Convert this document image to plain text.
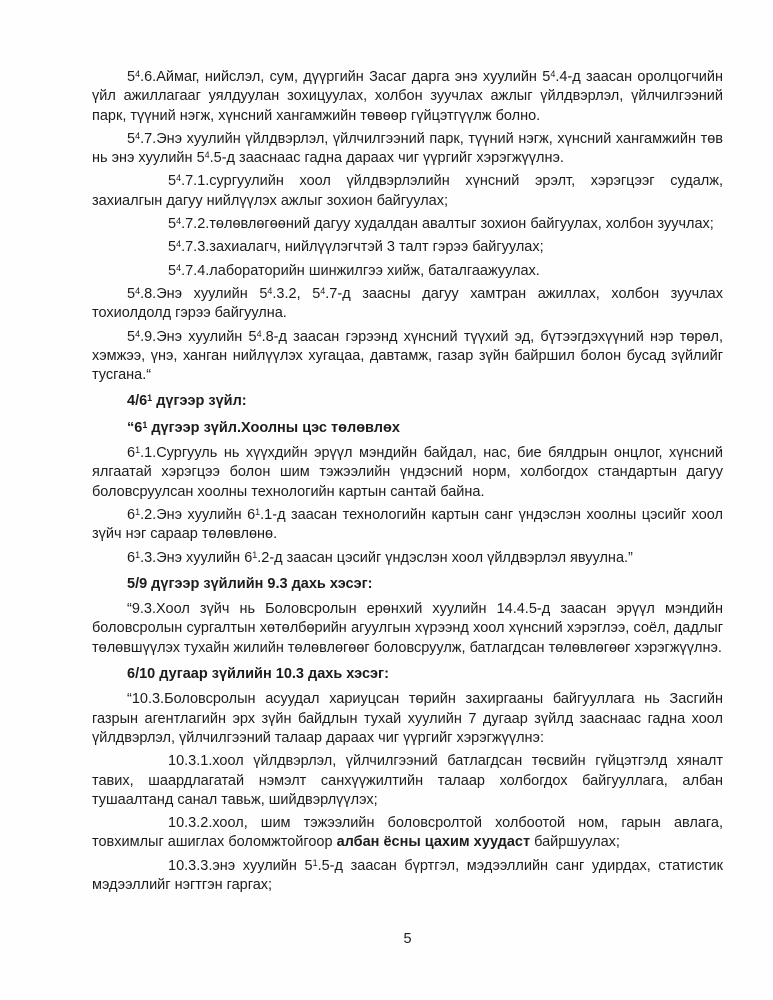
$5^4.6.Аймаг$, нийслэл, сум, дүүргийн Засаг дарга энэ хуулийн $5^4.4-д$ заасан оролцогчийн үйл ажиллагааг уялдуулан зохицуулах, холбон зуучлах ажлыг үйлдвэрлэл, үйлчилгээний парк, түүний нэгж, хүнсний хангамжийн төвөөр гүйцэтгүүлж болно.

$5^4.7.Энэ$ хуулийн үйлдвэрлэл, үйлчилгээний парк, түүний нэгж, хүнсний хангамжийн төв нь энэ хуулийн $5^4.5-д$ зааснаас гадна дараах чиг үүргийг хэрэгжүүлнэ.

$5^4.7.1.сургуулийн$ хоол үйлдвэрлэлийн хүнсний эрэлт, хэрэгцээг судалж, захиалгын дагуу нийлүүлэх ажлыг зохион байгуулах;

$5^4.7.2.төлөвлөгөөний$ дагуу худалдан авалтыг зохион байгуулах, холбон зуучлах;

$5^4.7.3.захиалагч$, нийлүүлэгчтэй 3 талт гэрээ байгуулах;

$5^4.7.4.лабораторийн$ шинжилгээ хийж, баталгаажуулах.

$5^4.8.Энэ$ хуулийн $5^4.3.2$, $5^4.7-д$ заасны дагуу хамтран ажиллах, холбон зуучлах тохиолдолд гэрээ байгуулна.

$5^4.9.Энэ$ хуулийн $5^4.8-д$ заасан гэрээнд хүнсний түүхий эд, бүтээгдэхүүний нэр төрөл, хэмжээ, үнэ, ханган нийлүүлэх хугацаа, давтамж, газар зүйн байршил болон бусад зүйлийг тусгана.“

$4/6^1$ дүгээр зүйл:

“$6^1$ дүгээр зүйл.Хоолны цэс төлөвлөх

$6^1.1.Сургууль$ нь хүүхдийн эрүүл мэндийн байдал, нас, бие бялдрын онцлог, хүнсний ялгаатай хэрэгцээ болон шим тэжээлийн үндэсний норм, холбогдох стандартын дагуу боловсруулсан хоолны технологийн картын сантай байна.

$6^1.2.Энэ$ хуулийн $6^1.1-д$ заасан технологийн картын санг үндэслэн хоолны цэсийг хоол зүйч нэг сараар төлөвлөнө.

$6^1.3.Энэ$ хуулийн $6^1.2-д$ заасан цэсийг үндэслэн хоол үйлдвэрлэл явуулна.”

5/9 дүгээр зүйлийн 9.3 дахь хэсэг:

“9.3.Хоол зүйч нь Боловсролын ерөнхий хуулийн 14.4.5-д заасан эрүүл мэндийн боловсролын сургалтын хөтөлбөрийн агуулгын хүрээнд хоол хүнсний хэрэглээ, соёл, дадлыг төлөвшүүлэх тухайн жилийн төлөвлөгөөг боловсруулж, батлагдсан төлөвлөгөөг хэрэгжүүлнэ.

6/10 дугаар зүйлийн 10.3 дахь хэсэг:

“10.3.Боловсролын асуудал хариуцсан төрийн захиргааны байгууллага нь Засгийн газрын агентлагийн эрх зүйн байдлын тухай хуулийн 7 дугаар зүйлд зааснаас гадна хоол үйлдвэрлэл, үйлчилгээний талаар дараах чиг үүргийг хэрэгжүүлнэ:

10.3.1.хоол үйлдвэрлэл, үйлчилгээний батлагдсан төсвийн гүйцэтгэлд хяналт тавих, шаардлагатай нэмэлт санхүүжилтийн талаар холбогдох байгууллага, албан тушаалтанд санал тавьж, шийдвэрлүүлэх;

10.3.2.хоол, шим тэжээлийн боловсролтой холбоотой ном, гарын авлага, товхимлыг ашиглах боломжтойгоор албан ёсны цахим хуудаст байршуулах;

10.3.3.энэ хуулийн $5^1.5-д$ заасан бүртгэл, мэдээллийн санг удирдах, статистик мэдээллийг нэгтгэн гаргах;

5
